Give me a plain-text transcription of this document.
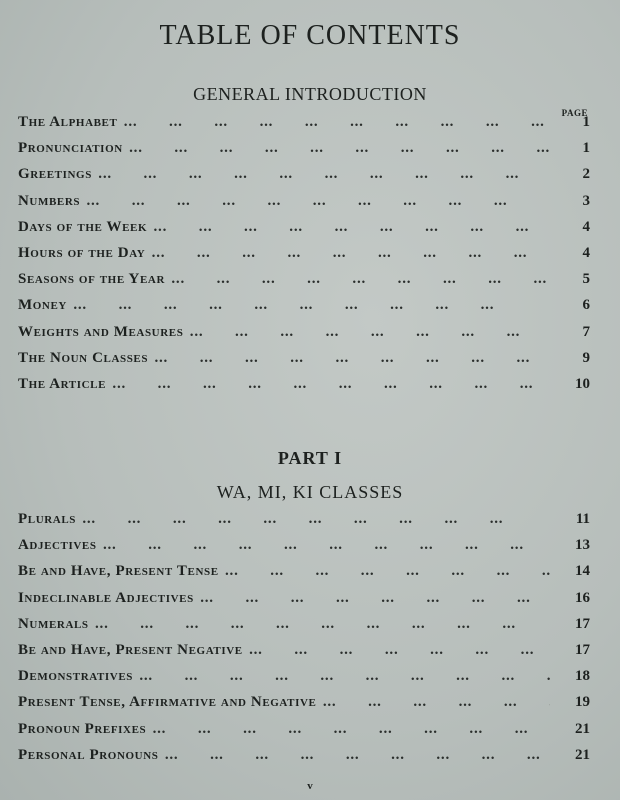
TABLE OF CONTENTS
GENERAL INTRODUCTION
PAGE
The Alphabet ...	1
Pronunciation ...	1
Greetings ...	2
Numbers ...	3
Days of the Week ...	4
Hours of the Day ...	4
Seasons of the Year ...	5
Money ...	6
Weights and Measures ...	7
The Noun Classes ...	9
The Article ...	10
PART I
WA, MI, KI CLASSES
Plurals ...	11
Adjectives ...	13
Be and Have, Present Tense ...	14
Indeclinable Adjectives ...	16
Numerals ...	17
Be and Have, Present Negative ...	17
Demonstratives ...	18
Present Tense, Affirmative and Negative ...	19
Pronoun Prefixes ...	21
Personal Pronouns ...	21
v
